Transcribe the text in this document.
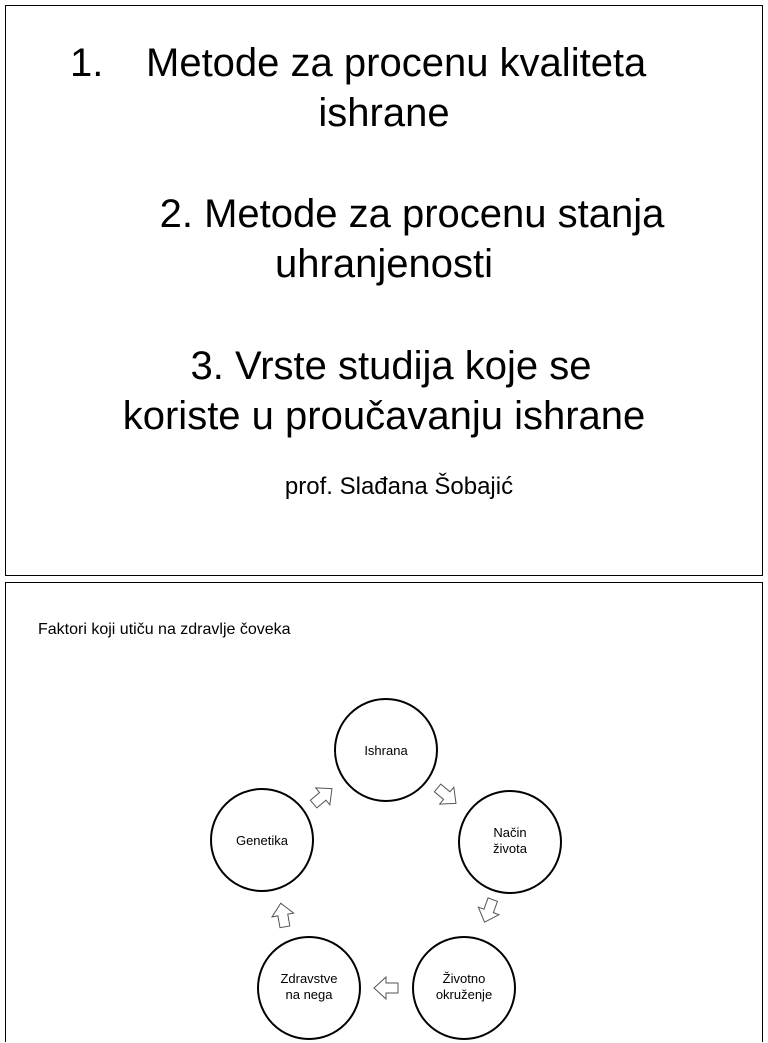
1. Metode za procenu kvaliteta
ishrane
2. Metode za procenu stanja
uhranjenosti
3. Vrste studija koje se
koriste u proučavanju ishrane
prof. Slađana Šobajić
Faktori koji utiču na zdravlje čoveka
Ishrana
Način
života
Životno
okruženje
Zdravstve
na nega
Genetika
